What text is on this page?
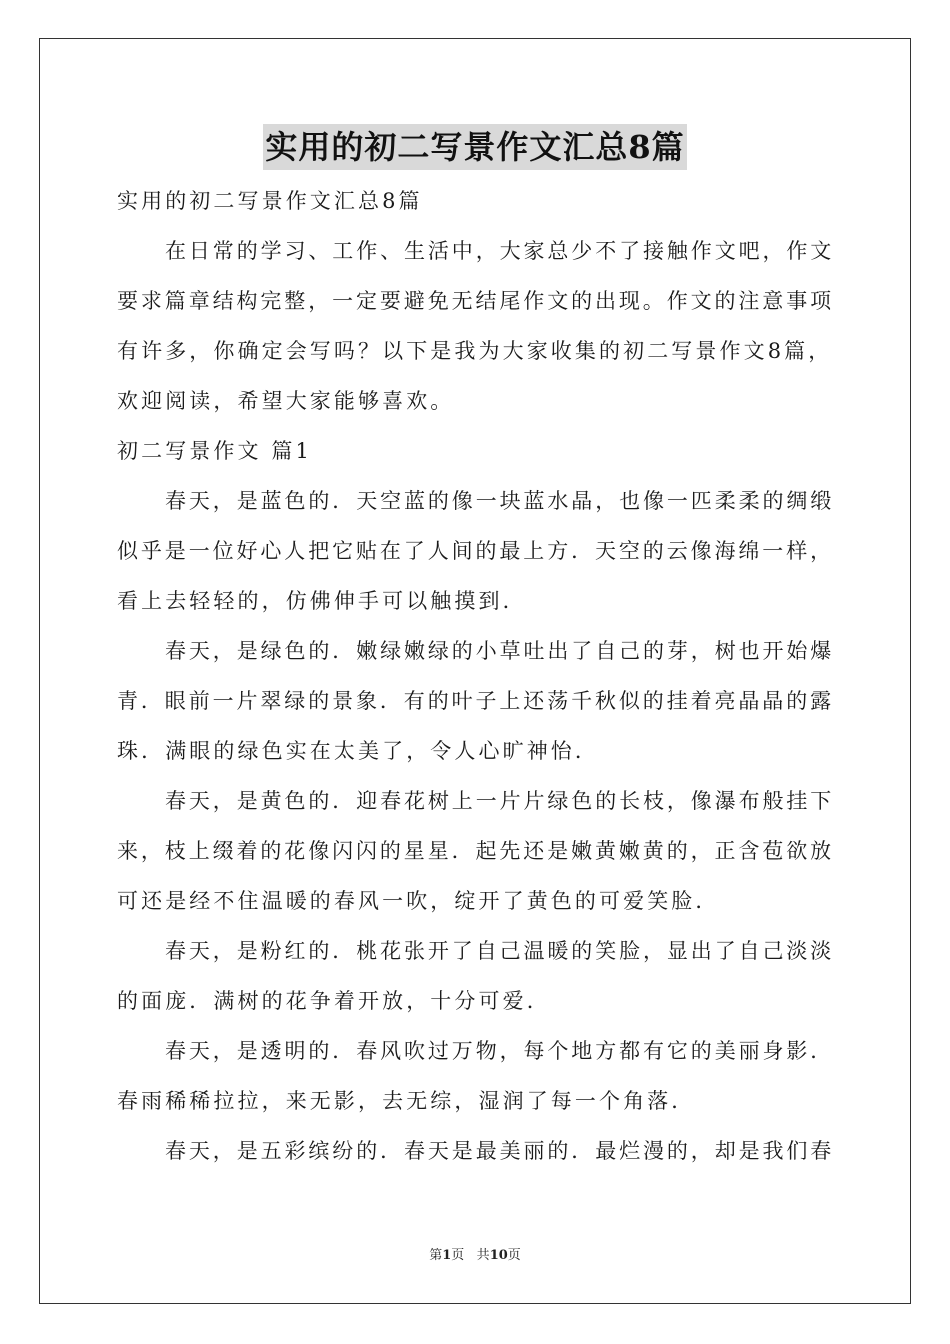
实用的初二写景作文汇总8篇
实用的初二写景作文汇总8篇
在日常的学习、工作、生活中，大家总少不了接触作文吧，作文
要求篇章结构完整，一定要避免无结尾作文的出现。作文的注意事项
有许多，你确定会写吗？以下是我为大家收集的初二写景作文8篇，
欢迎阅读，希望大家能够喜欢。
初二写景作文 篇1
春天，是蓝色的．天空蓝的像一块蓝水晶，也像一匹柔柔的绸缎
似乎是一位好心人把它贴在了人间的最上方．天空的云像海绵一样，
看上去轻轻的，仿佛伸手可以触摸到．
春天，是绿色的．嫩绿嫩绿的小草吐出了自己的芽，树也开始爆
青．眼前一片翠绿的景象．有的叶子上还荡千秋似的挂着亮晶晶的露
珠．满眼的绿色实在太美了，令人心旷神怡．
春天，是黄色的．迎春花树上一片片绿色的长枝，像瀑布般挂下
来，枝上缀着的花像闪闪的星星．起先还是嫩黄嫩黄的，正含苞欲放
可还是经不住温暖的春风一吹，绽开了黄色的可爱笑脸．
春天，是粉红的．桃花张开了自己温暖的笑脸，显出了自己淡淡
的面庞．满树的花争着开放，十分可爱．
春天，是透明的．春风吹过万物，每个地方都有它的美丽身影．
春雨稀稀拉拉，来无影，去无综，湿润了每一个角落．
春天，是五彩缤纷的．春天是最美丽的．最烂漫的，却是我们春
第1页 共10页
